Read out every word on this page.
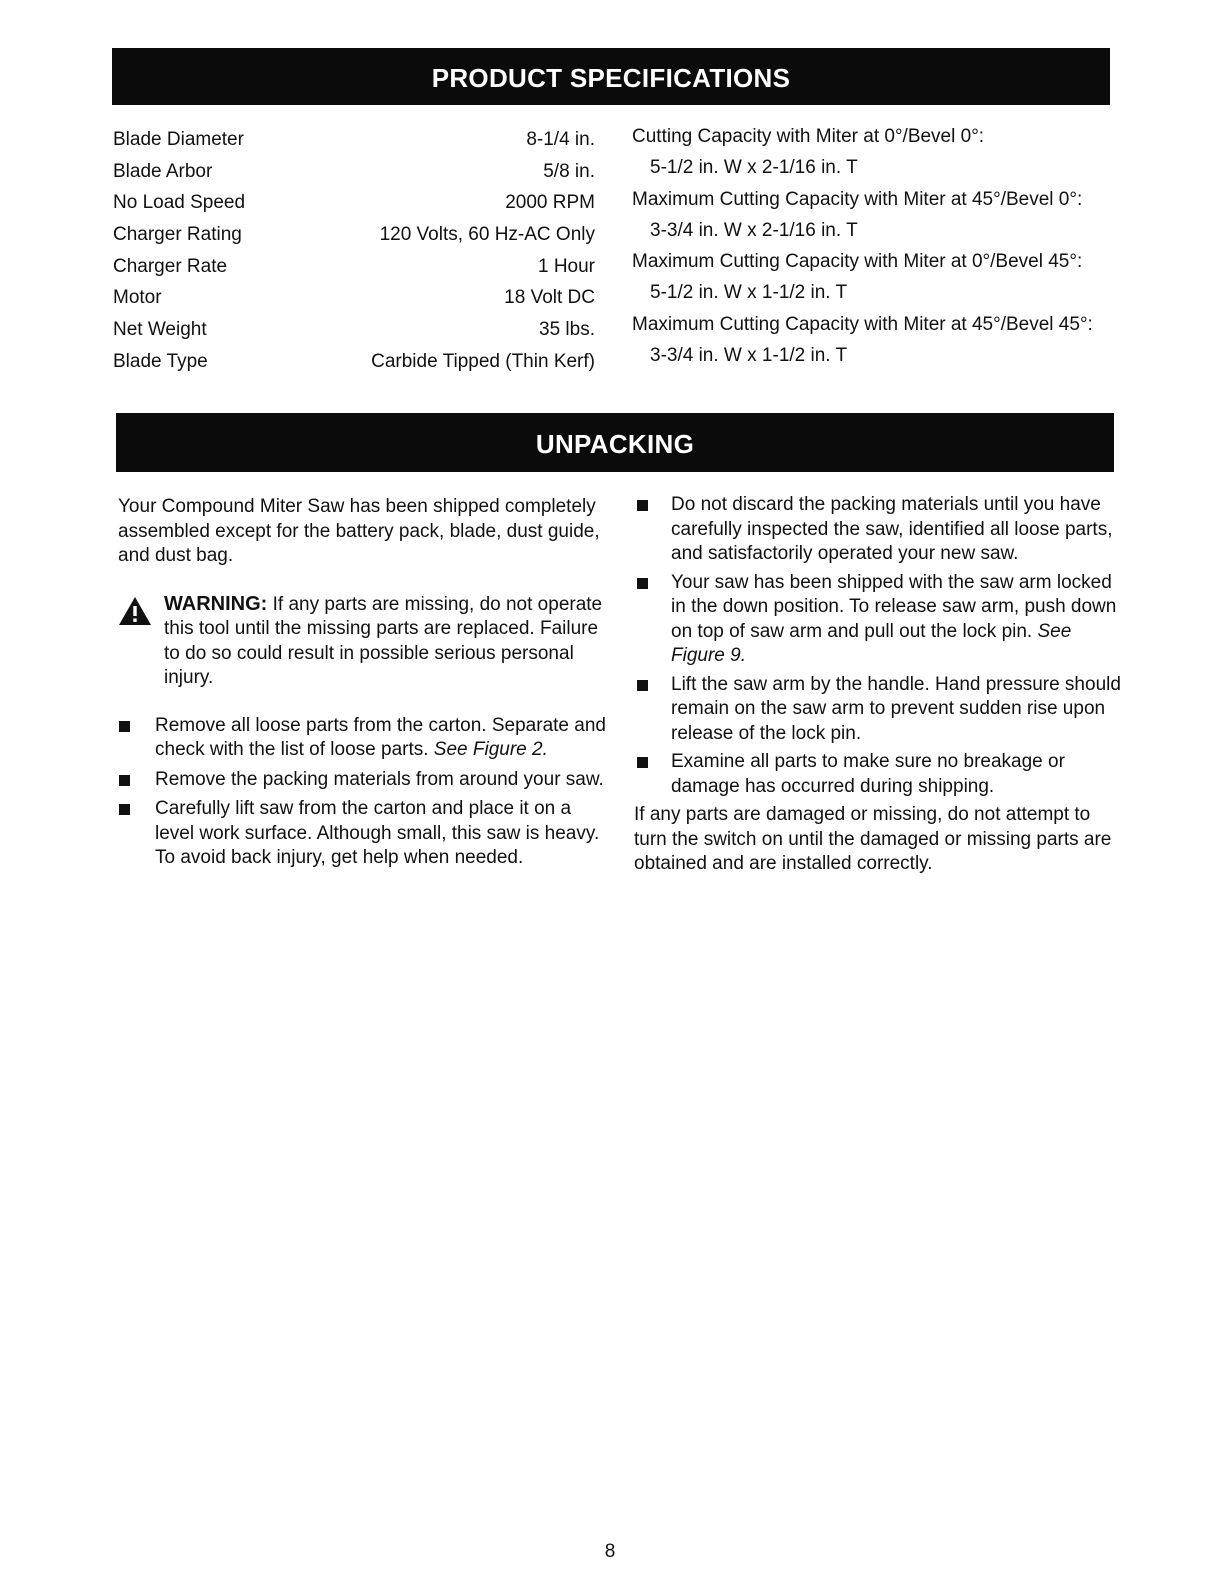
PRODUCT SPECIFICATIONS
Blade Diameter
Blade Arbor
No Load Speed
Charger Rating
Charger Rate
Motor
Net Weight
Blade Type
8-1/4 in.
5/8 in.
2000 RPM
120 Volts, 60 Hz-AC Only
1 Hour
18 Volt DC
35 lbs.
Carbide Tipped (Thin Kerf)
Cutting Capacity with Miter at 0°/Bevel 0°:
5-1/2 in. W x 2-1/16 in. T
Maximum Cutting Capacity with Miter at 45°/Bevel 0°:
3-3/4 in. W x 2-1/16 in. T
Maximum Cutting Capacity with Miter at 0°/Bevel 45°:
5-1/2 in. W x 1-1/2 in. T
Maximum Cutting Capacity with Miter at 45°/Bevel 45°:
3-3/4 in. W x 1-1/2 in. T
UNPACKING

Your Compound Miter Saw has been shipped completely assembled except for the battery pack, blade, dust guide, and dust bag.

WARNING: If any parts are missing, do not operate this tool until the missing parts are replaced. Failure to do so could result in possible serious personal injury.
Remove all loose parts from the carton. Separate and check with the list of loose parts. See Figure 2.
Remove the packing materials from around your saw.
Carefully lift saw from the carton and place it on a level work surface. Although small, this saw is heavy. To avoid back injury, get help when needed.
Do not discard the packing materials until you have carefully inspected the saw, identified all loose parts, and satisfactorily operated your new saw.
Your saw has been shipped with the saw arm locked in the down position. To release saw arm, push down on top of saw arm and pull out the lock pin. See Figure 9.
Lift the saw arm by the handle. Hand pressure should remain on the saw arm to prevent sudden rise upon release of the lock pin.
Examine all parts to make sure no breakage or damage has occurred during shipping.

If any parts are damaged or missing, do not attempt to turn the switch on until the damaged or missing parts are obtained and are installed correctly.

8
